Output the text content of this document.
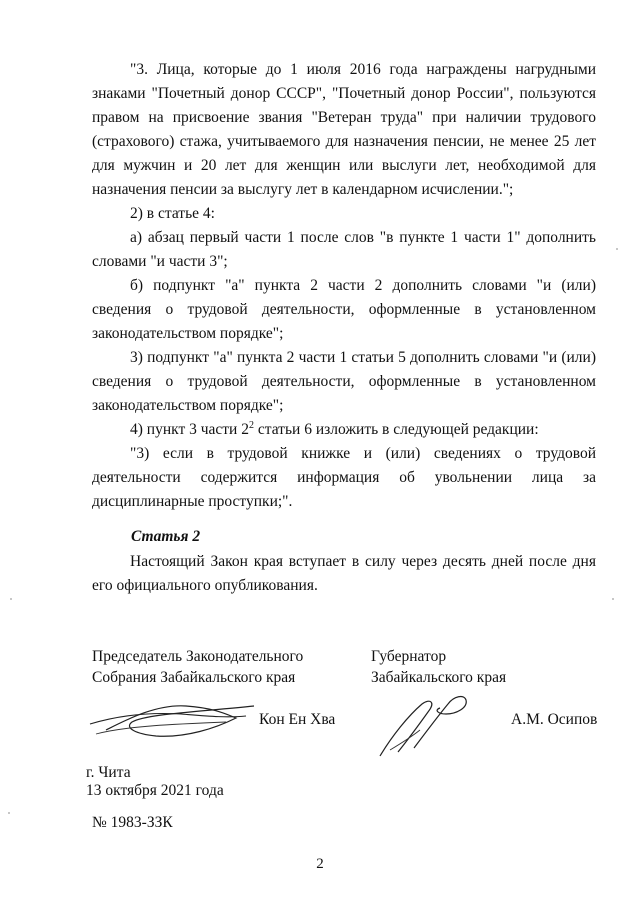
"3. Лица, которые до 1 июля 2016 года награждены нагрудными знаками "Почетный донор СССР", "Почетный донор России", пользуются правом на присвоение звания "Ветеран труда" при наличии трудового (страхового) стажа, учитываемого для назначения пенсии, не менее 25 лет для мужчин и 20 лет для женщин или выслуги лет, необходимой для назначения пенсии за выслугу лет в календарном исчислении.";

2) в статье 4:

а) абзац первый части 1 после слов "в пункте 1 части 1" дополнить словами "и части 3";

б) подпункт "а" пункта 2 части 2 дополнить словами "и (или) сведения о трудовой деятельности, оформленные в установленном законодательством порядке";

3) подпункт "а" пункта 2 части 1 статьи 5 дополнить словами "и (или) сведения о трудовой деятельности, оформленные в установленном законодательством порядке";

4) пункт 3 части $2^2$ статьи 6 изложить в следующей редакции:

"3) если в трудовой книжке и (или) сведениях о трудовой деятельности содержится информация об увольнении лица за дисциплинарные проступки;".

Статья 2

Настоящий Закон края вступает в силу через десять дней после дня его официального опубликования.

Председатель Законодательного
Собрания Забайкальского края
Губернатор
Забайкальского края
Кон Ен Хва	А.М. Осипов
г. Чита
13 октября 2021 года
№ 1983-ЗЗК
2
